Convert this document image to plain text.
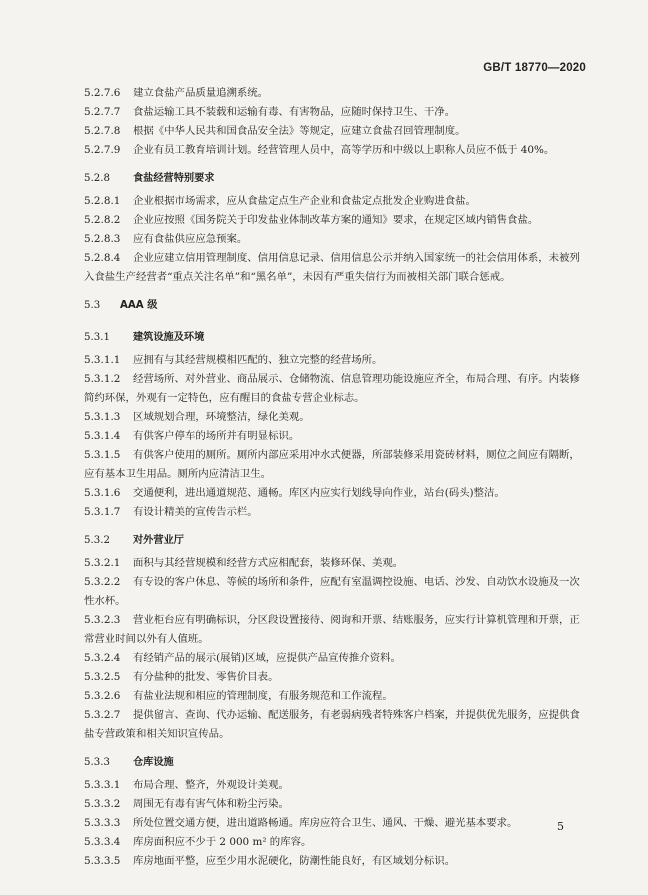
GB/T 18770—2020
5.2.7.6 建立食盐产品质量追溯系统。
5.2.7.7 食盐运输工具不装载和运输有毒、有害物品，应随时保持卫生、干净。
5.2.7.8 根据《中华人民共和国食品安全法》等规定，应建立食盐召回管理制度。
5.2.7.9 企业有员工教育培训计划。经营管理人员中，高等学历和中级以上职称人员应不低于 40%。
5.2.8 食盐经营特别要求
5.2.8.1 企业根据市场需求，应从食盐定点生产企业和食盐定点批发企业购进食盐。
5.2.8.2 企业应按照《国务院关于印发盐业体制改革方案的通知》要求，在规定区域内销售食盐。
5.2.8.3 应有食盐供应应急预案。
5.2.8.4 企业应建立信用管理制度、信用信息记录、信用信息公示并纳入国家统一的社会信用体系，未被列入食盐生产经营者“重点关注名单”和“黑名单”，未因有严重失信行为而被相关部门联合惩戒。
5.3 AAA 级
5.3.1 建筑设施及环境
5.3.1.1 应拥有与其经营规模相匹配的、独立完整的经营场所。
5.3.1.2 经营场所、对外营业、商品展示、仓储物流、信息管理功能设施应齐全，布局合理、有序。内装修简约环保，外观有一定特色，应有醒目的食盐专营企业标志。
5.3.1.3 区域规划合理，环境整洁，绿化美观。
5.3.1.4 有供客户停车的场所并有明显标识。
5.3.1.5 有供客户使用的厕所。厕所内部应采用冲水式便器，所部装修采用瓷砖材料，厕位之间应有隔断，应有基本卫生用品。厕所内应清洁卫生。
5.3.1.6 交通便利，进出通道规范、通畅。库区内应实行划线导向作业，站台(码头)整洁。
5.3.1.7 有设计精美的宣传告示栏。
5.3.2 对外营业厅
5.3.2.1 面积与其经营规模和经营方式应相配套，装修环保、美观。
5.3.2.2 有专设的客户休息、等候的场所和条件，应配有室温调控设施、电话、沙发、自动饮水设施及一次性水杯。
5.3.2.3 营业柜台应有明确标识，分区段设置接待、阅询和开票、结账服务，应实行计算机管理和开票，正常营业时间以外有人值班。
5.3.2.4 有经销产品的展示(展销)区域，应提供产品宣传推介资料。
5.3.2.5 有分盐种的批发、零售价目表。
5.3.2.6 有盐业法规和相应的管理制度，有服务规范和工作流程。
5.3.2.7 提供留言、查询、代办运输、配送服务，有老弱病残者特殊客户档案，并提供优先服务，应提供食盐专营政策和相关知识宣传品。
5.3.3 仓库设施
5.3.3.1 布局合理、整齐，外观设计美观。
5.3.3.2 周围无有毒有害气体和粉尘污染。
5.3.3.3 所处位置交通方便，进出道路畅通。库房应符合卫生、通风、干燥、避光基本要求。
5.3.3.4 库房面积应不少于 2 000 m² 的库容。
5.3.3.5 库房地面平整，应至少用水泥硬化，防潮性能良好，有区域划分标识。
5
